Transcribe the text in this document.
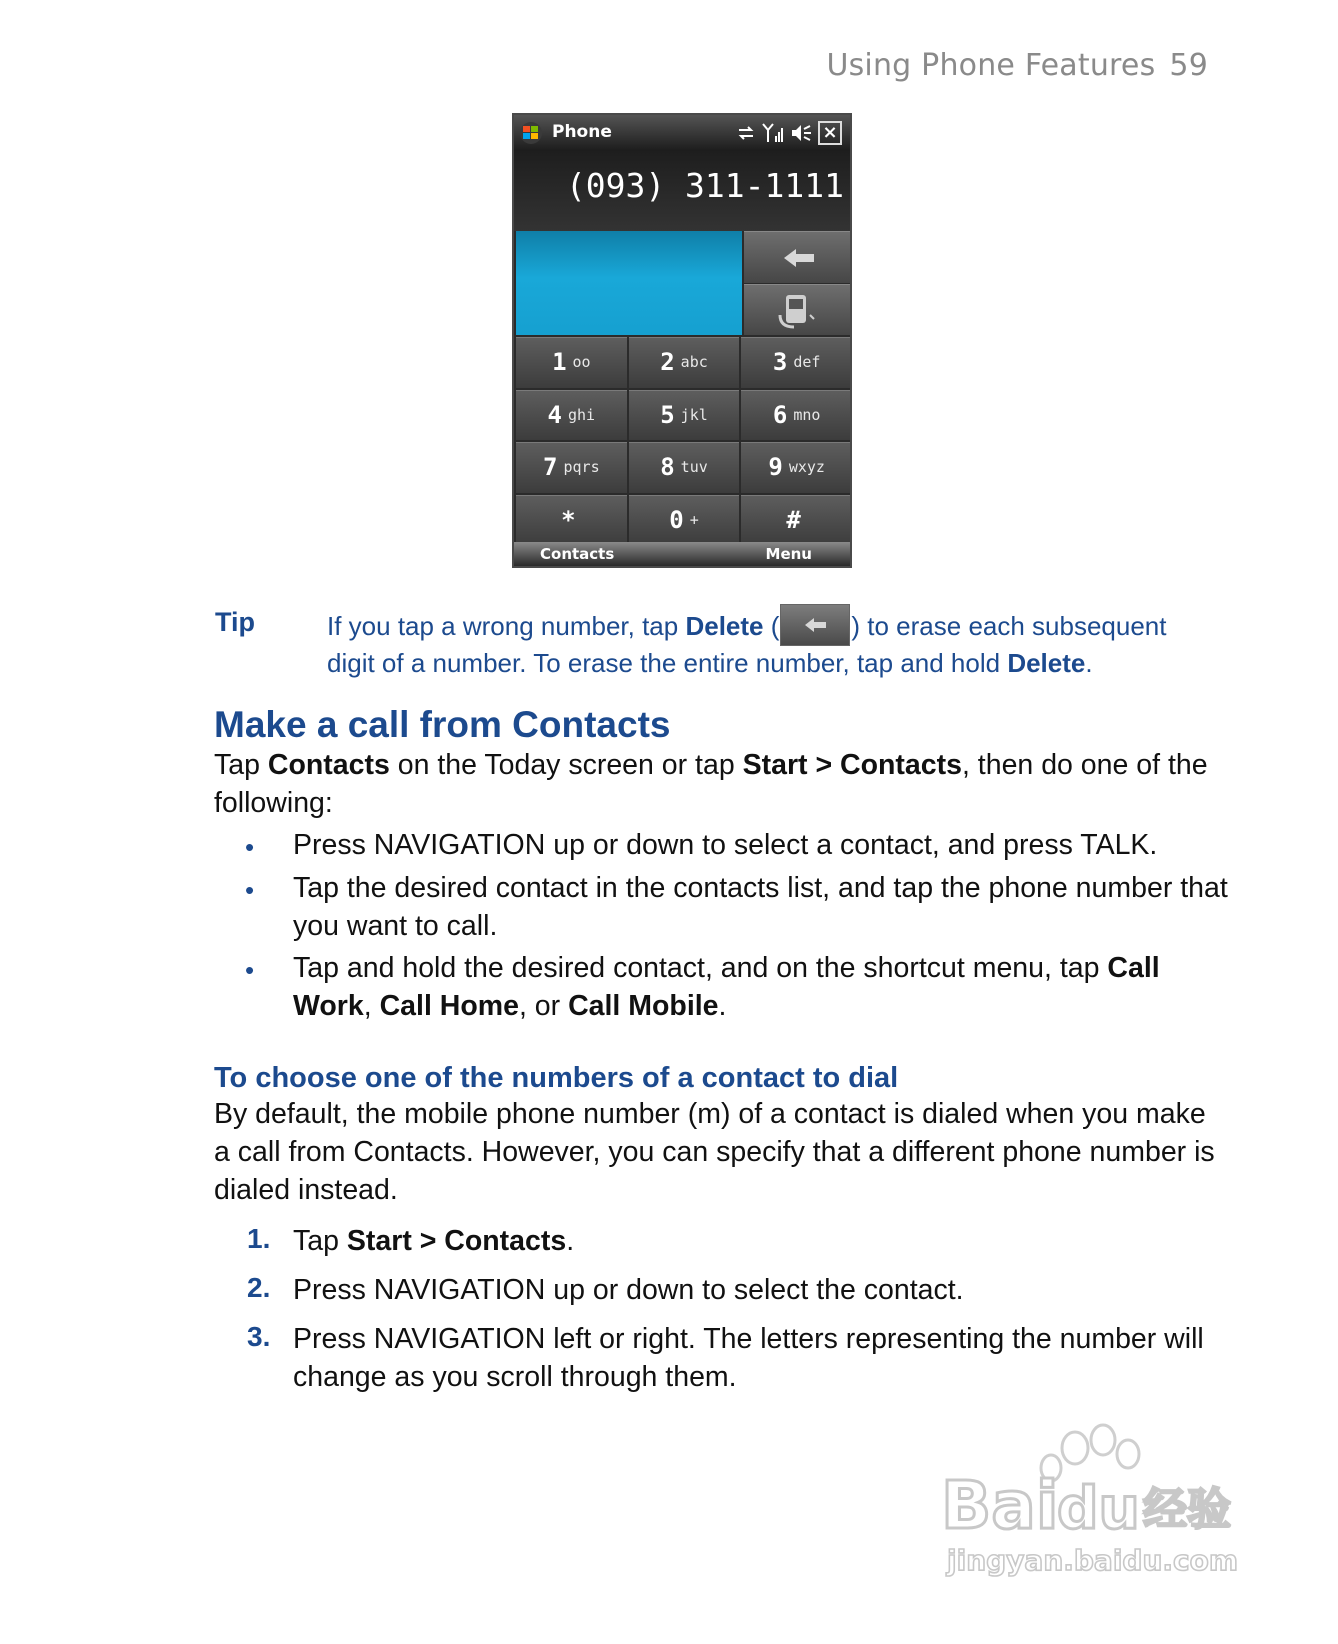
Using Phone Features 59
Phone	×
(093) 311-1111
1 oo	2 abc	3 def
4 ghi	5 jkl	6 mno
7 pqrs	8 tuv	9 wxyz
*	0 +	#
Contacts	Menu
Tip	If you tap a wrong number, tap Delete (	) to erase each subsequent digit of a number. To erase the entire number, tap and hold Delete.
Make a call from Contacts
Tap Contacts on the Today screen or tap Start > Contacts, then do one of the following:
• Press NAVIGATION up or down to select a contact, and press TALK.
• Tap the desired contact in the contacts list, and tap the phone number that you want to call.
• Tap and hold the desired contact, and on the shortcut menu, tap Call Work, Call Home, or Call Mobile.
To choose one of the numbers of a contact to dial
By default, the mobile phone number (m) of a contact is dialed when you make a call from Contacts. However, you can specify that a different phone number is dialed instead.
1. Tap Start > Contacts.
2. Press NAVIGATION up or down to select the contact.
3. Press NAVIGATION left or right. The letters representing the number will change as you scroll through them.
Bai
du 经验
jingyan.baidu.com
